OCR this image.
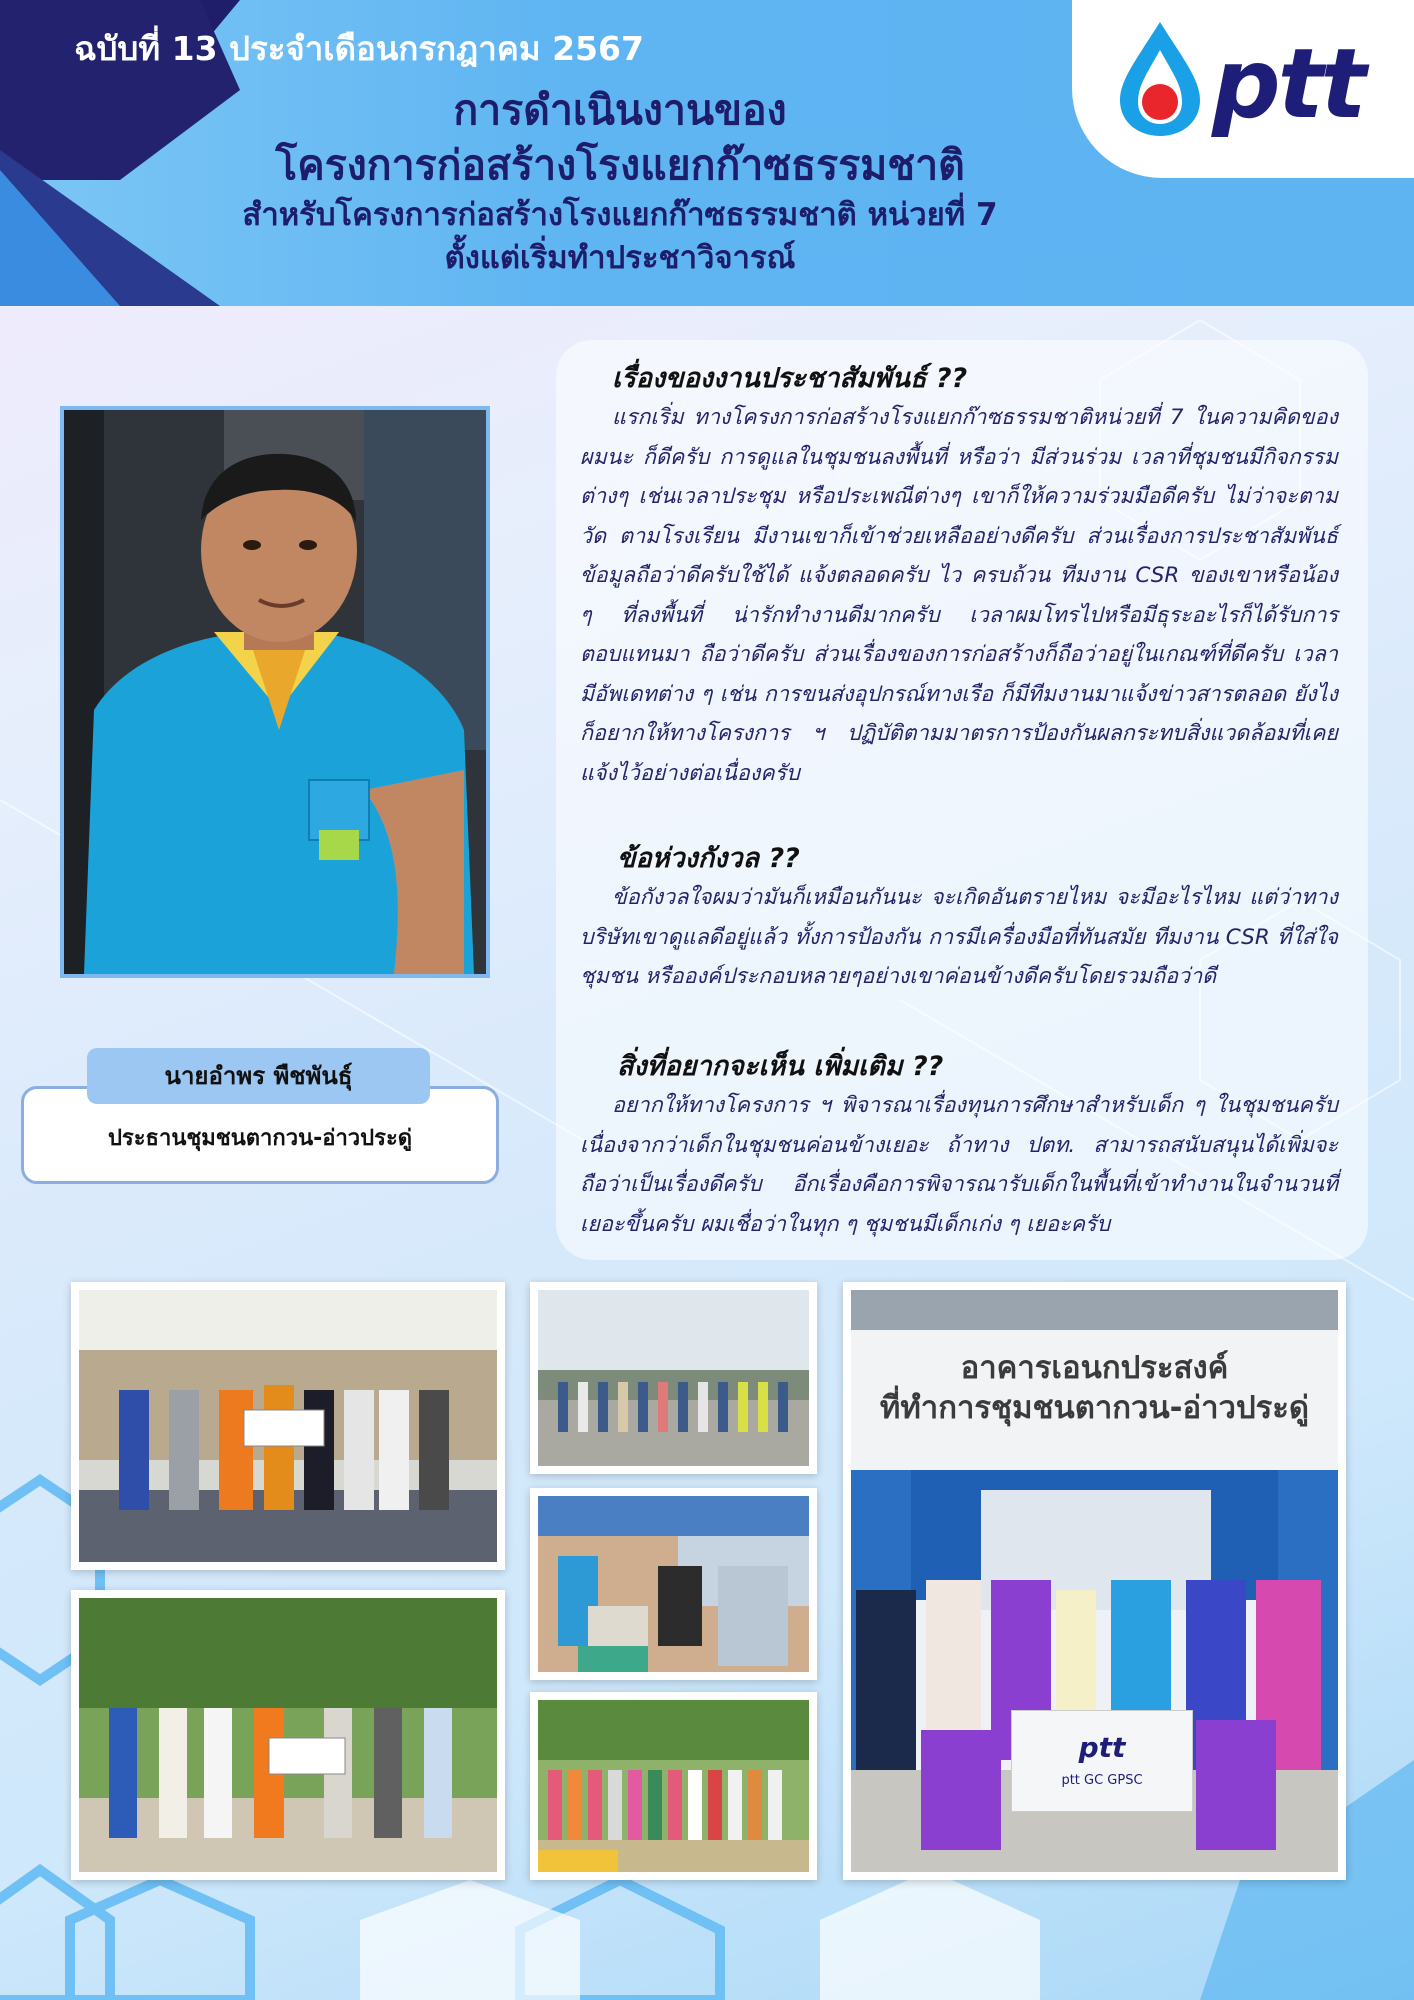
ฉบับที่ 13 ประจำเดือนกรกฎาคม 2567
การดำเนินงานของ
โครงการก่อสร้างโรงแยกก๊าซธรรมชาติ
สำหรับโครงการก่อสร้างโรงแยกก๊าซธรรมชาติ หน่วยที่ 7
ตั้งแต่เริ่มทำประชาวิจารณ์
ptt
นายอำพร พืชพันธุ์
ประธานชุมชนตากวน-อ่าวประดู่
เรื่องของงานประชาสัมพันธ์ ??

แรกเริ่ม ทางโครงการก่อสร้างโรงแยกก๊าซธรรมชาติหน่วยที่ 7 ในความคิดของผมนะ ก็ดีครับ การดูแลในชุมชนลงพื้นที่ หรือว่า มีส่วนร่วม เวลาที่ชุมชนมีกิจกรรมต่างๆ เช่นเวลาประชุม หรือประเพณีต่างๆ เขาก็ให้ความร่วมมือดีครับ ไม่ว่าจะตาม วัด ตามโรงเรียน มีงานเขาก็เข้าช่วยเหลืออย่างดีครับ ส่วนเรื่องการประชาสัมพันธ์ข้อมูลถือว่าดีครับใช้ได้ แจ้งตลอดครับ ไว ครบถ้วน ทีมงาน CSR ของเขาหรือน้อง ๆ ที่ลงพื้นที่ น่ารักทำงานดีมากครับ เวลาผมโทรไปหรือมีธุระอะไรก็ได้รับการตอบแทนมา ถือว่าดีครับ ส่วนเรื่องของการก่อสร้างก็ถือว่าอยู่ในเกณฑ์ที่ดีครับ เวลามีอัพเดทต่าง ๆ เช่น การขนส่งอุปกรณ์ทางเรือ ก็มีทีมงานมาแจ้งข่าวสารตลอด ยังไงก็อยากให้ทางโครงการ ฯ ปฏิบัติตามมาตรการป้องกันผลกระทบสิ่งแวดล้อมที่เคยแจ้งไว้อย่างต่อเนื่องครับ

ข้อห่วงกังวล ??

ข้อกังวลใจผมว่ามันก็เหมือนกันนะ จะเกิดอันตรายไหม จะมีอะไรไหม แต่ว่าทางบริษัทเขาดูแลดีอยู่แล้ว ทั้งการป้องกัน การมีเครื่องมือที่ทันสมัย ทีมงาน CSR ที่ใส่ใจชุมชน หรือองค์ประกอบหลายๆอย่างเขาค่อนข้างดีครับโดยรวมถือว่าดี

สิ่งที่อยากจะเห็น เพิ่มเติม ??

อยากให้ทางโครงการ ฯ พิจารณาเรื่องทุนการศึกษาสำหรับเด็ก ๆ ในชุมชนครับ เนื่องจากว่าเด็กในชุมชนค่อนข้างเยอะ ถ้าทาง ปตท. สามารถสนับสนุนได้เพิ่มจะถือว่าเป็นเรื่องดีครับ อีกเรื่องคือการพิจารณารับเด็กในพื้นที่เข้าทำงานในจำนวนที่เยอะขึ้นครับ ผมเชื่อว่าในทุก ๆ ชุมชนมีเด็กเก่ง ๆ เยอะครับ

อาคารเอนกประสงค์
ที่ทำการชุมชนตากวน-อ่าวประดู่
ptt
ptt GC GPSC
